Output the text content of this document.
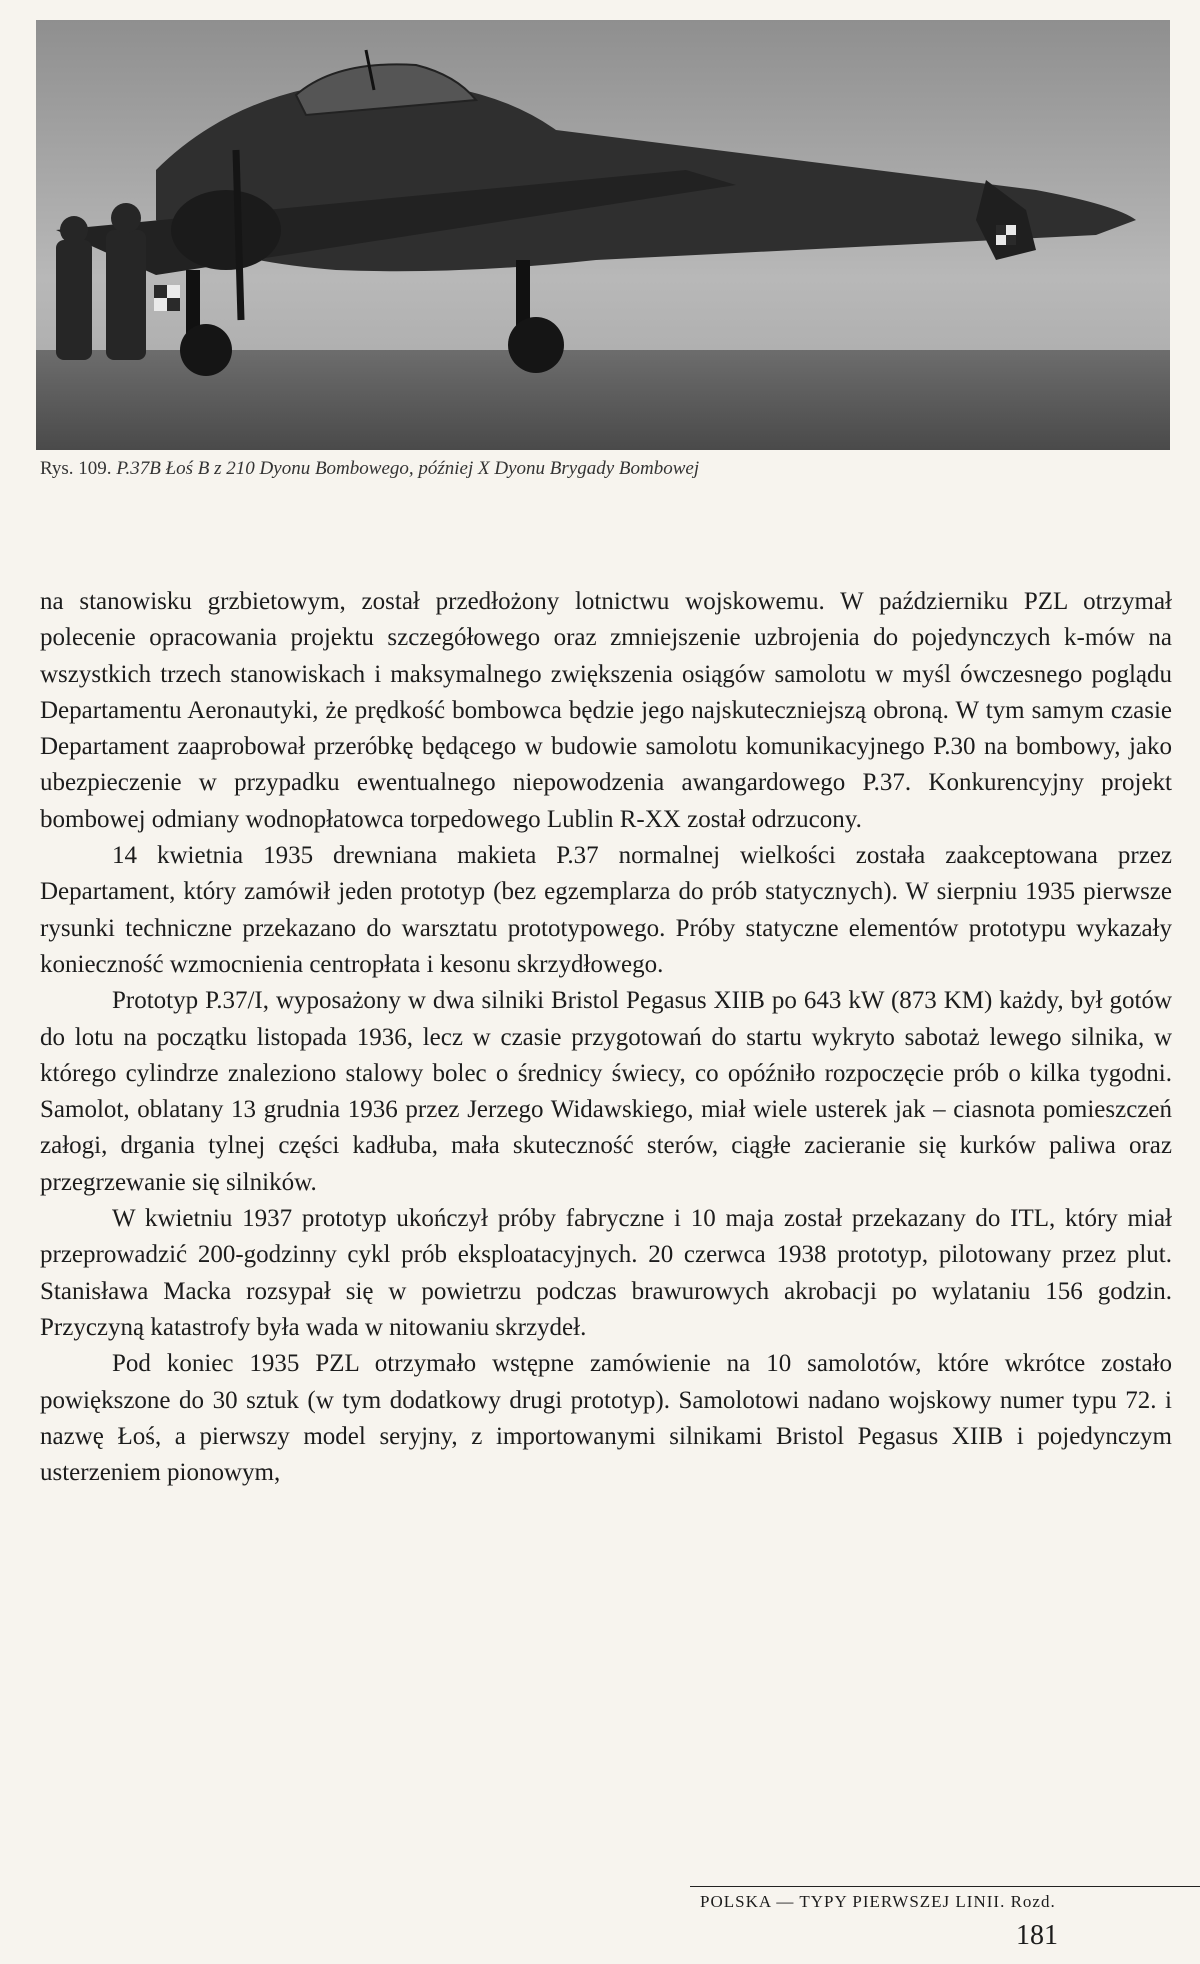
Rys. 109. P.37B Łoś B z 210 Dyonu Bombowego, później X Dyonu Brygady Bombowej

na stanowisku grzbietowym, został przedłożony lotnictwu wojskowemu. W październiku PZL otrzymał polecenie opracowania projektu szczegółowego oraz zmniejszenie uzbrojenia do pojedynczych k-mów na wszystkich trzech stanowiskach i maksymalnego zwiększenia osiągów samolotu w myśl ówczesnego poglądu Departamentu Aeronautyki, że prędkość bombowca będzie jego najskuteczniejszą obroną. W tym samym czasie Departament zaaprobował przeróbkę będącego w budowie samolotu komunikacyjnego P.30 na bombowy, jako ubezpieczenie w przypadku ewentualnego niepowodzenia awangardowego P.37. Konkurencyjny projekt bombowej odmiany wodnopłatowca torpedowego Lublin R-XX został odrzucony.

14 kwietnia 1935 drewniana makieta P.37 normalnej wielkości została zaakceptowana przez Departament, który zamówił jeden prototyp (bez egzemplarza do prób statycznych). W sierpniu 1935 pierwsze rysunki techniczne przekazano do warsztatu prototypowego. Próby statyczne elementów prototypu wykazały konieczność wzmocnienia centropłata i kesonu skrzydłowego.

Prototyp P.37/I, wyposażony w dwa silniki Bristol Pegasus XIIB po 643 kW (873 KM) każdy, był gotów do lotu na początku listopada 1936, lecz w czasie przygotowań do startu wykryto sabotaż lewego silnika, w którego cylindrze znaleziono stalowy bolec o średnicy świecy, co opóźniło rozpoczęcie prób o kilka tygodni. Samolot, oblatany 13 grudnia 1936 przez Jerzego Widawskiego, miał wiele usterek jak – ciasnota pomieszczeń załogi, drgania tylnej części kadłuba, mała skuteczność sterów, ciągłe zacieranie się kurków paliwa oraz przegrzewanie się silników.

W kwietniu 1937 prototyp ukończył próby fabryczne i 10 maja został przekazany do ITL, który miał przeprowadzić 200-godzinny cykl prób eksploatacyjnych. 20 czerwca 1938 prototyp, pilotowany przez plut. Stanisława Macka rozsypał się w powietrzu podczas brawurowych akrobacji po wylataniu 156 godzin. Przyczyną katastrofy była wada w nitowaniu skrzydeł.

Pod koniec 1935 PZL otrzymało wstępne zamówienie na 10 samolotów, które wkrótce zostało powiększone do 30 sztuk (w tym dodatkowy drugi prototyp). Samolotowi nadano wojskowy numer typu 72. i nazwę Łoś, a pierwszy model seryjny, z importowanymi silnikami Bristol Pegasus XIIB i pojedynczym usterzeniem pionowym,

POLSKA — TYPY PIERWSZEJ LINII. Rozd.
181
